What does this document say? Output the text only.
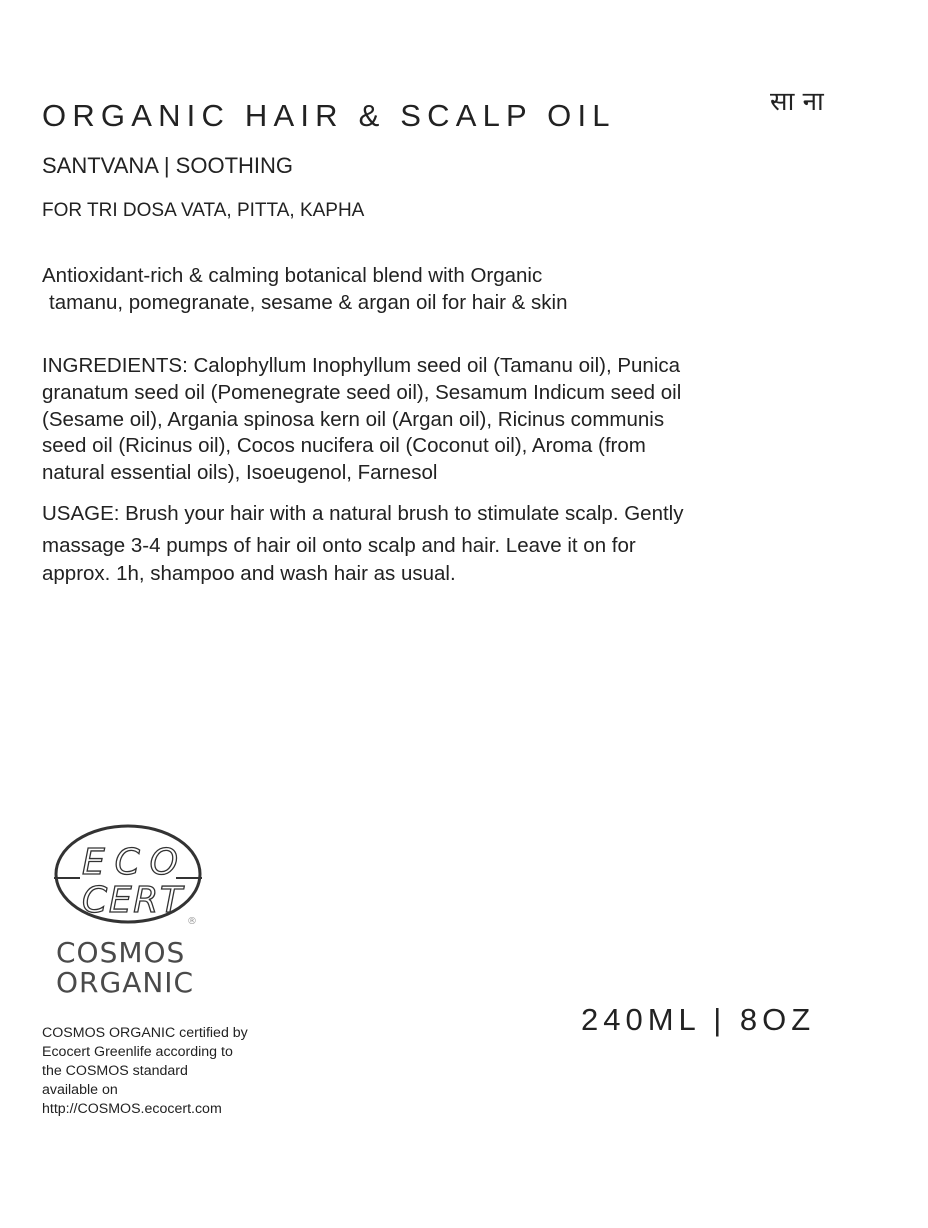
ORGANIC HAIR & SCALP OIL	सा ना
SANTVANA | SOOTHING
FOR TRI DOSA VATA, PITTA, KAPHA
Antioxidant-rich & calming botanical blend with Organic
tamanu, pomegranate, sesame & argan oil for hair & skin
INGREDIENTS: Calophyllum Inophyllum seed oil (Tamanu oil), Punica
granatum seed oil (Pomenegrate seed oil), Sesamum Indicum seed oil
(Sesame oil), Argania spinosa kern oil (Argan oil), Ricinus communis
seed oil (Ricinus oil), Cocos nucifera oil (Coconut oil), Aroma (from
natural essential oils), Isoeugenol, Farnesol
USAGE: Brush your hair with a natural brush to stimulate scalp. Gently
massage 3-4 pumps of hair oil onto scalp and hair. Leave it on for
approx. 1h, shampoo and wash hair as usual.
ECO
CERT
®
COSMOS
ORGANIC
COSMOS ORGANIC certified by
Ecocert Greenlife according to
the COSMOS standard
available on
http://COSMOS.ecocert.com
240ML | 8OZ
